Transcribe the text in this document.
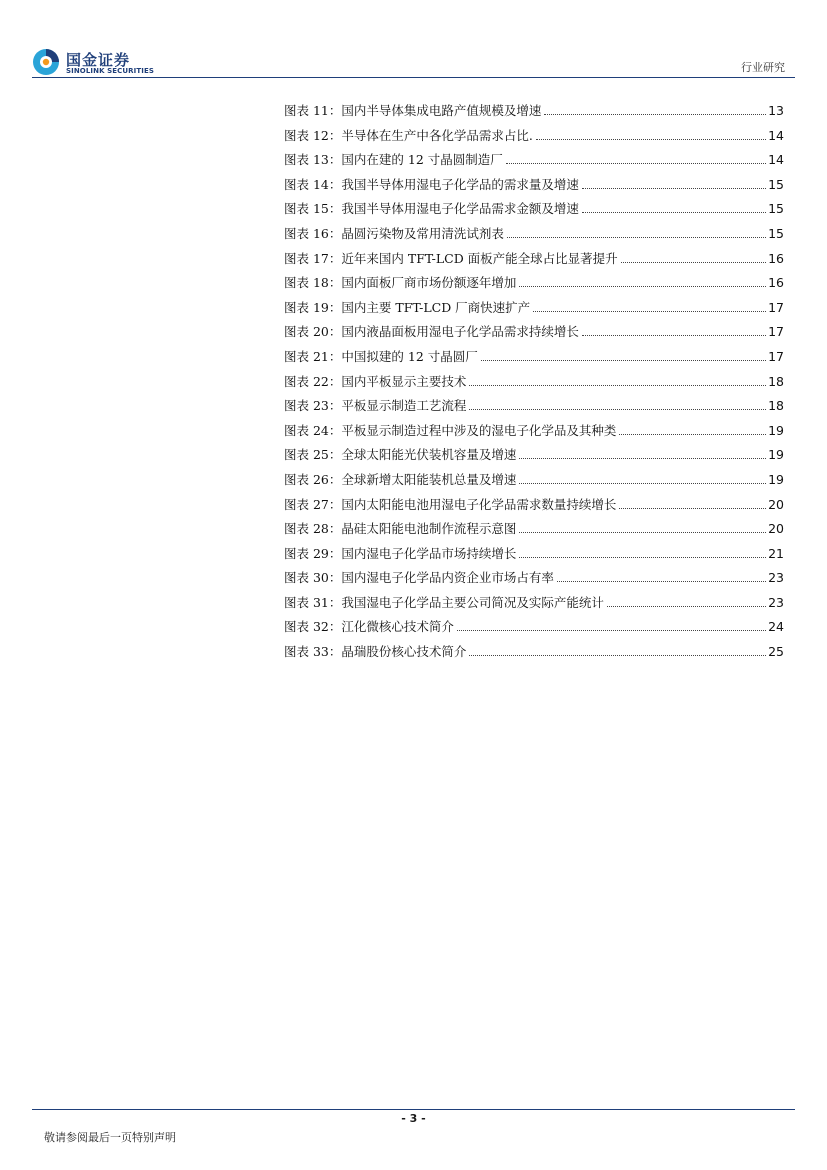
国金证券
SINOLINK SECURITIES	行业研究
图表 11： 国内半导体集成电路产值规模及增速	13
图表 12： 半导体在生产中各化学品需求占比.	14
图表 13： 国内在建的 12 寸晶圆制造厂	14
图表 14： 我国半导体用湿电子化学品的需求量及增速	15
图表 15： 我国半导体用湿电子化学品需求金额及增速	15
图表 16： 晶圆污染物及常用清洗试剂表	15
图表 17： 近年来国内 TFT-LCD 面板产能全球占比显著提升	16
图表 18： 国内面板厂商市场份额逐年增加	16
图表 19： 国内主要 TFT-LCD 厂商快速扩产	17
图表 20： 国内液晶面板用湿电子化学品需求持续增长	17
图表 21： 中国拟建的 12 寸晶圆厂	17
图表 22： 国内平板显示主要技术	18
图表 23： 平板显示制造工艺流程	18
图表 24： 平板显示制造过程中涉及的湿电子化学品及其种类	19
图表 25： 全球太阳能光伏装机容量及增速	19
图表 26： 全球新增太阳能装机总量及增速	19
图表 27： 国内太阳能电池用湿电子化学品需求数量持续增长	20
图表 28： 晶硅太阳能电池制作流程示意图	20
图表 29： 国内湿电子化学品市场持续增长	21
图表 30： 国内湿电子化学品内资企业市场占有率	23
图表 31： 我国湿电子化学品主要公司简况及实际产能统计	23
图表 32： 江化微核心技术简介	24
图表 33： 晶瑞股份核心技术简介	25
- 3 -
敬请参阅最后一页特别声明
